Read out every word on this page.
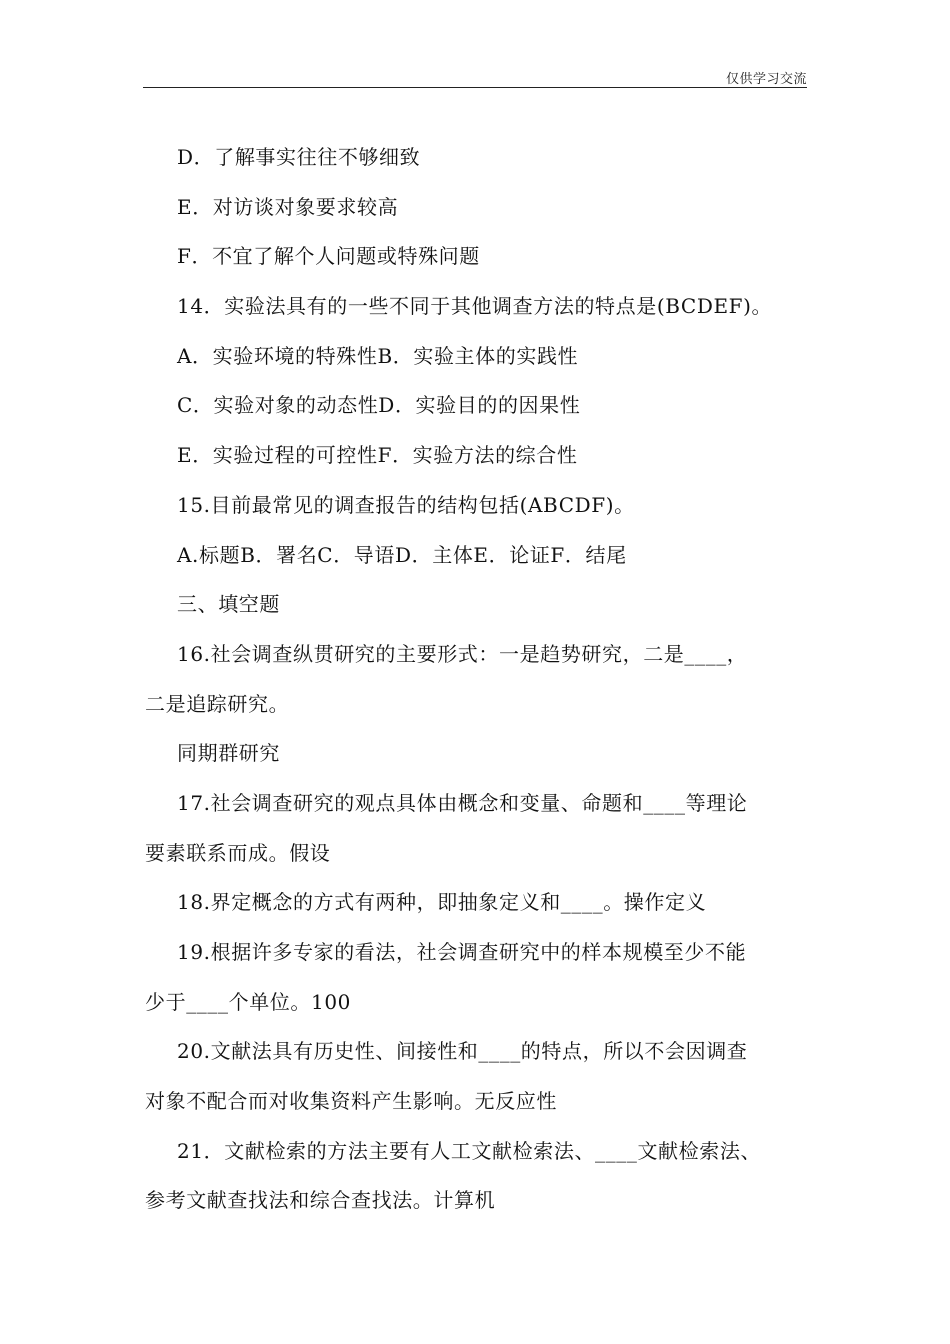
仅供学习交流
D．了解事实往往不够细致
E．对访谈对象要求较高
F．不宜了解个人问题或特殊问题
14．实验法具有的一些不同于其他调查方法的特点是(BCDEF)。
A．实验环境的特殊性B．实验主体的实践性
C．实验对象的动态性D．实验目的的因果性
E．实验过程的可控性F．实验方法的综合性
15.目前最常见的调查报告的结构包括(ABCDF)。
A.标题B．署名C．导语D．主体E．论证F．结尾
三、填空题
16.社会调查纵贯研究的主要形式：一是趋势研究，二是____，
二是追踪研究。
同期群研究
17.社会调查研究的观点具体由概念和变量、命题和____等理论
要素联系而成。假设
18.界定概念的方式有两种，即抽象定义和____。操作定义
19.根据许多专家的看法，社会调查研究中的样本规模至少不能
少于____个单位。100
20.文献法具有历史性、间接性和____的特点，所以不会因调查
对象不配合而对收集资料产生影响。无反应性
21．文献检索的方法主要有人工文献检索法、____文献检索法、
参考文献查找法和综合查找法。计算机
